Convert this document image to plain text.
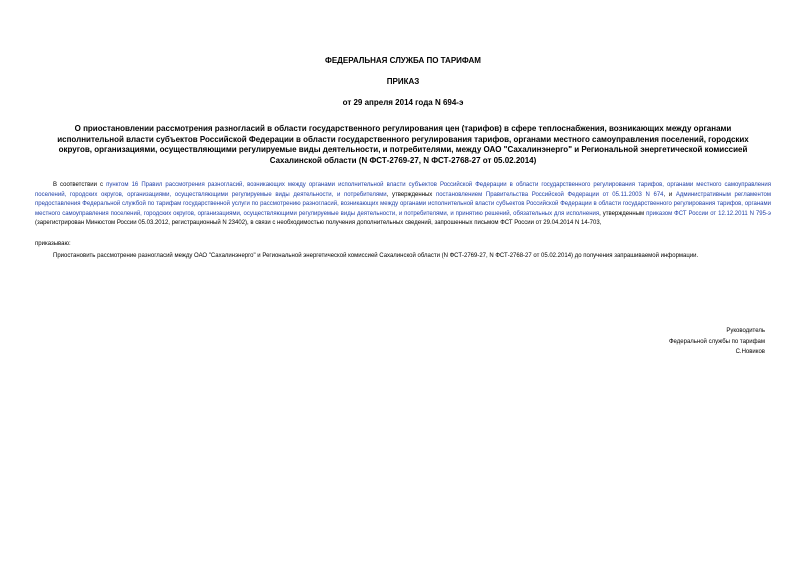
ФЕДЕРАЛЬНАЯ СЛУЖБА ПО ТАРИФАМ

ПРИКАЗ

от 29 апреля 2014 года N 694-э

О приостановлении рассмотрения разногласий в области государственного регулирования цен (тарифов) в сфере теплоснабжения, возникающих между органами исполнительной власти субъектов Российской Федерации в области государственного регулирования тарифов, органами местного самоуправления поселений, городских округов, организациями, осуществляющими регулируемые виды деятельности, и потребителями, между ОАО "Сахалинэнерго" и Региональной энергетической комиссией Сахалинской области (N ФСТ-2769-27, N ФСТ-2768-27 от 05.02.2014)

В соответствии с пунктом 16 Правил рассмотрения разногласий, возникающих между органами исполнительной власти субъектов Российской Федерации в области государственного регулирования тарифов, органами местного самоуправления поселений, городских округов, организациями, осуществляющими регулируемые виды деятельности, и потребителями, утвержденных постановлением Правительства Российской Федерации от 05.11.2003 N 674, и Административным регламентом предоставления Федеральной службой по тарифам государственной услуги по рассмотрению разногласий, возникающих между органами исполнительной власти субъектов Российской Федерации в области государственного регулирования тарифов, органами местного самоуправления поселений, городских округов, организациями, осуществляющими регулируемые виды деятельности, и потребителями, и принятию решений, обязательных для исполнения, утвержденным приказом ФСТ России от 12.12.2011 N 795-э (зарегистрирован Минюстом России 05.03.2012, регистрационный N 23402), в связи с необходимостью получения дополнительных сведений, запрошенных письмом ФСТ России от 29.04.2014 N 14-703,

приказываю:

Приостановить рассмотрение разногласий между ОАО "Сахалинэнерго" и Региональной энергетической комиссией Сахалинской области (N ФСТ-2769-27, N ФСТ-2768-27 от 05.02.2014) до получения запрашиваемой информации.

Руководитель
Федеральной службы по тарифам
С.Новиков
